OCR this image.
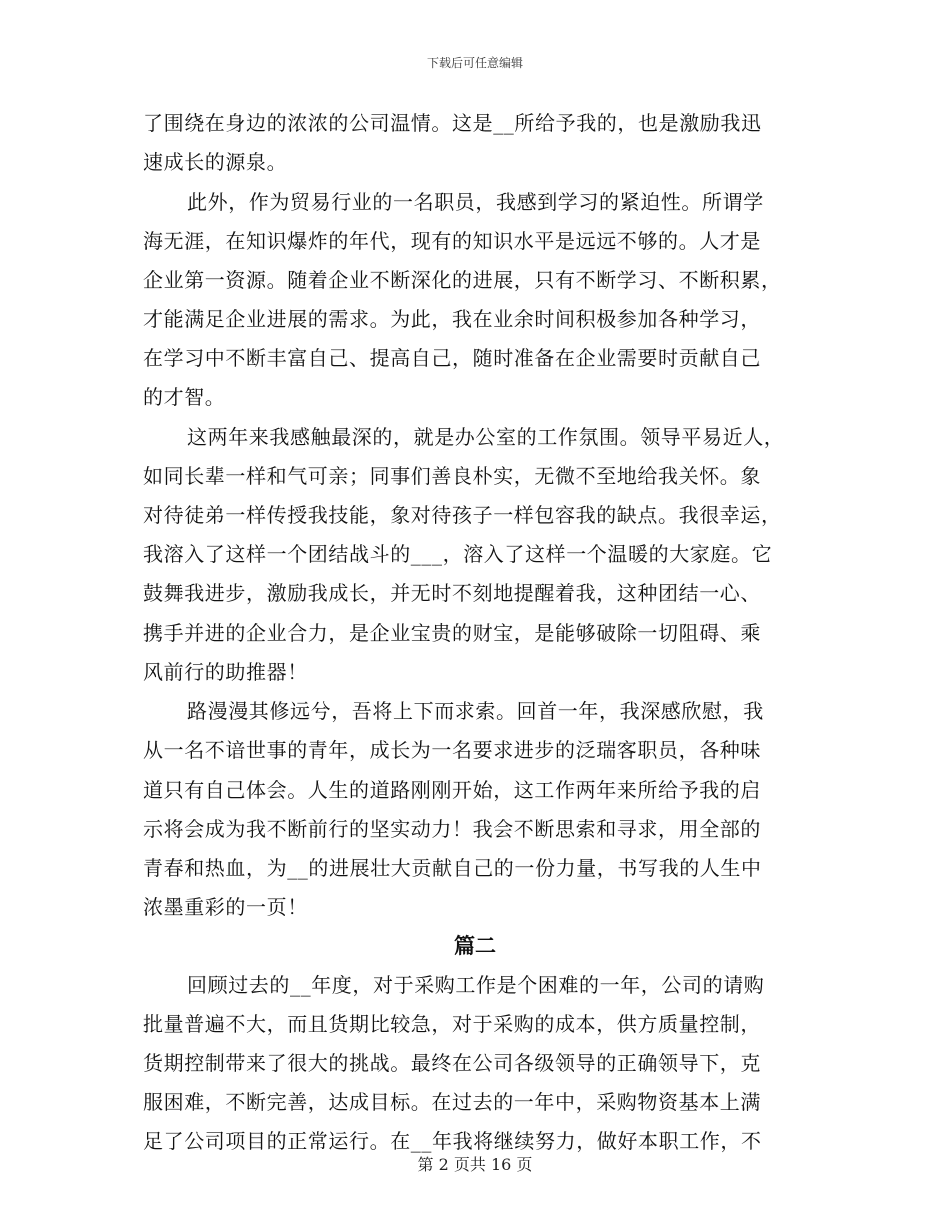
下载后可任意编辑
了围绕在身边的浓浓的公司温情。这是__所给予我的，也是激励我迅
速成长的源泉。
此外，作为贸易行业的一名职员，我感到学习的紧迫性。所谓学
海无涯，在知识爆炸的年代，现有的知识水平是远远不够的。人才是
企业第一资源。随着企业不断深化的进展，只有不断学习、不断积累，
才能满足企业进展的需求。为此，我在业余时间积极参加各种学习，
在学习中不断丰富自己、提高自己，随时准备在企业需要时贡献自己
的才智。
这两年来我感触最深的，就是办公室的工作氛围。领导平易近人，
如同长辈一样和气可亲；同事们善良朴实，无微不至地给我关怀。象
对待徒弟一样传授我技能，象对待孩子一样包容我的缺点。我很幸运，
我溶入了这样一个团结战斗的___，溶入了这样一个温暖的大家庭。它
鼓舞我进步，激励我成长，并无时不刻地提醒着我，这种团结一心、
携手并进的企业合力，是企业宝贵的财宝，是能够破除一切阻碍、乘
风前行的助推器！
路漫漫其修远兮，吾将上下而求索。回首一年，我深感欣慰，我
从一名不谙世事的青年，成长为一名要求进步的泛瑞客职员，各种味
道只有自己体会。人生的道路刚刚开始，这工作两年来所给予我的启
示将会成为我不断前行的坚实动力！我会不断思索和寻求，用全部的
青春和热血，为__的进展壮大贡献自己的一份力量，书写我的人生中
浓墨重彩的一页！
篇二
回顾过去的__年度，对于采购工作是个困难的一年，公司的请购
批量普遍不大，而且货期比较急，对于采购的成本，供方质量控制，
货期控制带来了很大的挑战。最终在公司各级领导的正确领导下，克
服困难，不断完善，达成目标。在过去的一年中，采购物资基本上满
足了公司项目的正常运行。在__年我将继续努力，做好本职工作，不
第 2 页共 16 页
